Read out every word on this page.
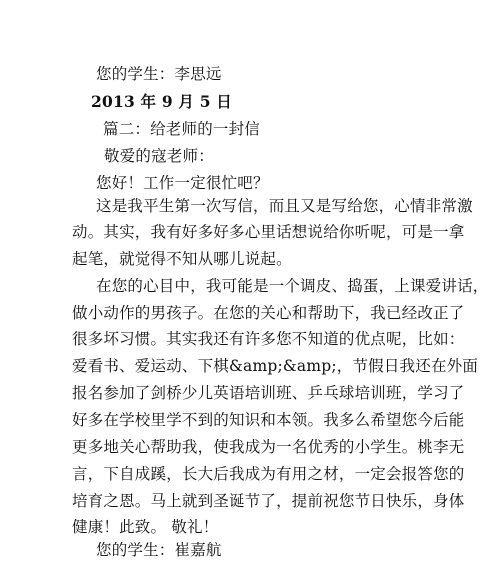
您的学生：李思远
2013 年 9 月 5 日
篇二：给老师的一封信
敬爱的寇老师：
您好！工作一定很忙吧？
这是我平生第一次写信，而且又是写给您，心情非常激
动。其实，我有好多好多心里话想说给你听呢，可是一拿
起笔，就觉得不知从哪儿说起。
在您的心目中，我可能是一个调皮、捣蛋，上课爱讲话，
做小动作的男孩子。在您的关心和帮助下，我已经改正了
很多坏习惯。其实我还有许多您不知道的优点呢，比如：
爱看书、爱运动、下棋&amp;&amp;，节假日我还在外面
报名参加了剑桥少儿英语培训班、乒乓球培训班，学习了
好多在学校里学不到的知识和本领。我多么希望您今后能
更多地关心帮助我，使我成为一名优秀的小学生。桃李无
言，下自成蹊，长大后我成为有用之材，一定会报答您的
培育之恩。马上就到圣诞节了，提前祝您节日快乐，身体
健康！此致。 敬礼！
您的学生：崔嘉航
